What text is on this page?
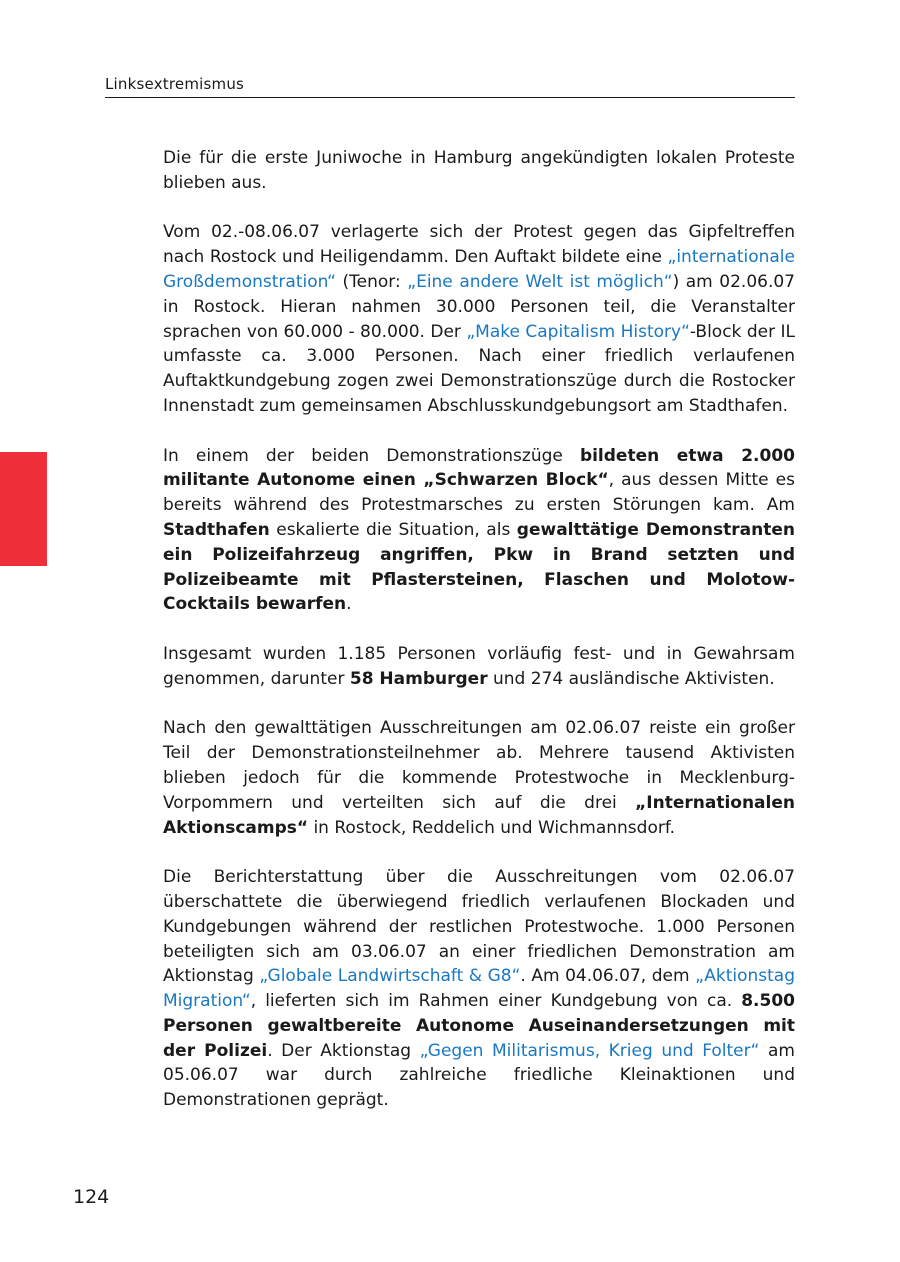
Linksextremismus

Die für die erste Juniwoche in Hamburg angekündigten lokalen Proteste blieben aus.

Vom 02.-08.06.07 verlagerte sich der Protest gegen das Gipfeltreffen nach Rostock und Heiligendamm. Den Auftakt bildete eine „internationale Großdemonstration“ (Tenor: „Eine andere Welt ist möglich“) am 02.06.07 in Rostock. Hieran nahmen 30.000 Personen teil, die Veranstalter sprachen von 60.000 - 80.000. Der „Make Capitalism History“-Block der IL umfasste ca. 3.000 Personen. Nach einer friedlich verlaufenen Auftaktkundgebung zogen zwei Demonstrationszüge durch die Rostocker Innenstadt zum gemeinsamen Abschlusskundgebungsort am Stadthafen.

In einem der beiden Demonstrationszüge bildeten etwa 2.000 militante Autonome einen „Schwarzen Block“, aus dessen Mitte es bereits während des Protestmarsches zu ersten Störungen kam. Am Stadthafen eskalierte die Situation, als gewalttätige Demonstranten ein Polizeifahrzeug angriffen, Pkw in Brand setzten und Polizeibeamte mit Pflastersteinen, Flaschen und Molotow-Cocktails bewarfen.

Insgesamt wurden 1.185 Personen vorläufig fest- und in Gewahrsam genommen, darunter 58 Hamburger und 274 ausländische Aktivisten.

Nach den gewalttätigen Ausschreitungen am 02.06.07 reiste ein großer Teil der Demonstrationsteilnehmer ab. Mehrere tausend Aktivisten blieben jedoch für die kommende Protestwoche in Mecklenburg-Vorpommern und verteilten sich auf die drei „Internationalen Aktionscamps“ in Rostock, Reddelich und Wichmannsdorf.

Die Berichterstattung über die Ausschreitungen vom 02.06.07 überschattete die überwiegend friedlich verlaufenen Blockaden und Kundgebungen während der restlichen Protestwoche. 1.000 Personen beteiligten sich am 03.06.07 an einer friedlichen Demonstration am Aktionstag „Globale Landwirtschaft & G8“. Am 04.06.07, dem „Aktionstag Migration“, lieferten sich im Rahmen einer Kundgebung von ca. 8.500 Personen gewaltbereite Autonome Auseinandersetzungen mit der Polizei. Der Aktionstag „Gegen Militarismus, Krieg und Folter“ am 05.06.07 war durch zahlreiche friedliche Kleinaktionen und Demonstrationen geprägt.

124
